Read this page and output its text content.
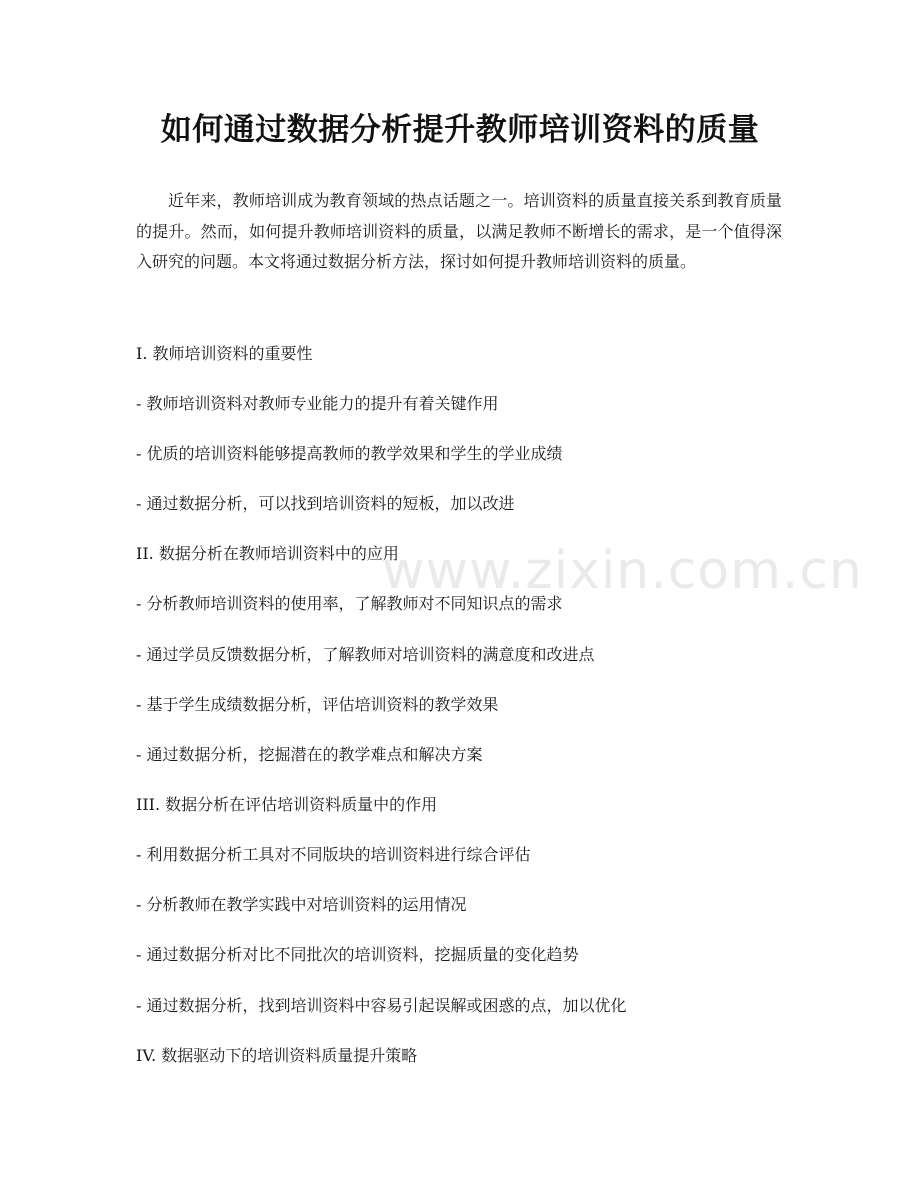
如何通过数据分析提升教师培训资料的质量

近年来，教师培训成为教育领域的热点话题之一。培训资料的质量直接关系到教育质量的提升。然而，如何提升教师培训资料的质量，以满足教师不断增长的需求，是一个值得深入研究的问题。本文将通过数据分析方法，探讨如何提升教师培训资料的质量。

I. 教师培训资料的重要性

- 教师培训资料对教师专业能力的提升有着关键作用

- 优质的培训资料能够提高教师的教学效果和学生的学业成绩

- 通过数据分析，可以找到培训资料的短板，加以改进

II. 数据分析在教师培训资料中的应用

- 分析教师培训资料的使用率，了解教师对不同知识点的需求

- 通过学员反馈数据分析，了解教师对培训资料的满意度和改进点

- 基于学生成绩数据分析，评估培训资料的教学效果

- 通过数据分析，挖掘潜在的教学难点和解决方案

III. 数据分析在评估培训资料质量中的作用

- 利用数据分析工具对不同版块的培训资料进行综合评估

- 分析教师在教学实践中对培训资料的运用情况

- 通过数据分析对比不同批次的培训资料，挖掘质量的变化趋势

- 通过数据分析，找到培训资料中容易引起误解或困惑的点，加以优化

IV. 数据驱动下的培训资料质量提升策略

www.zixin.com.cn
